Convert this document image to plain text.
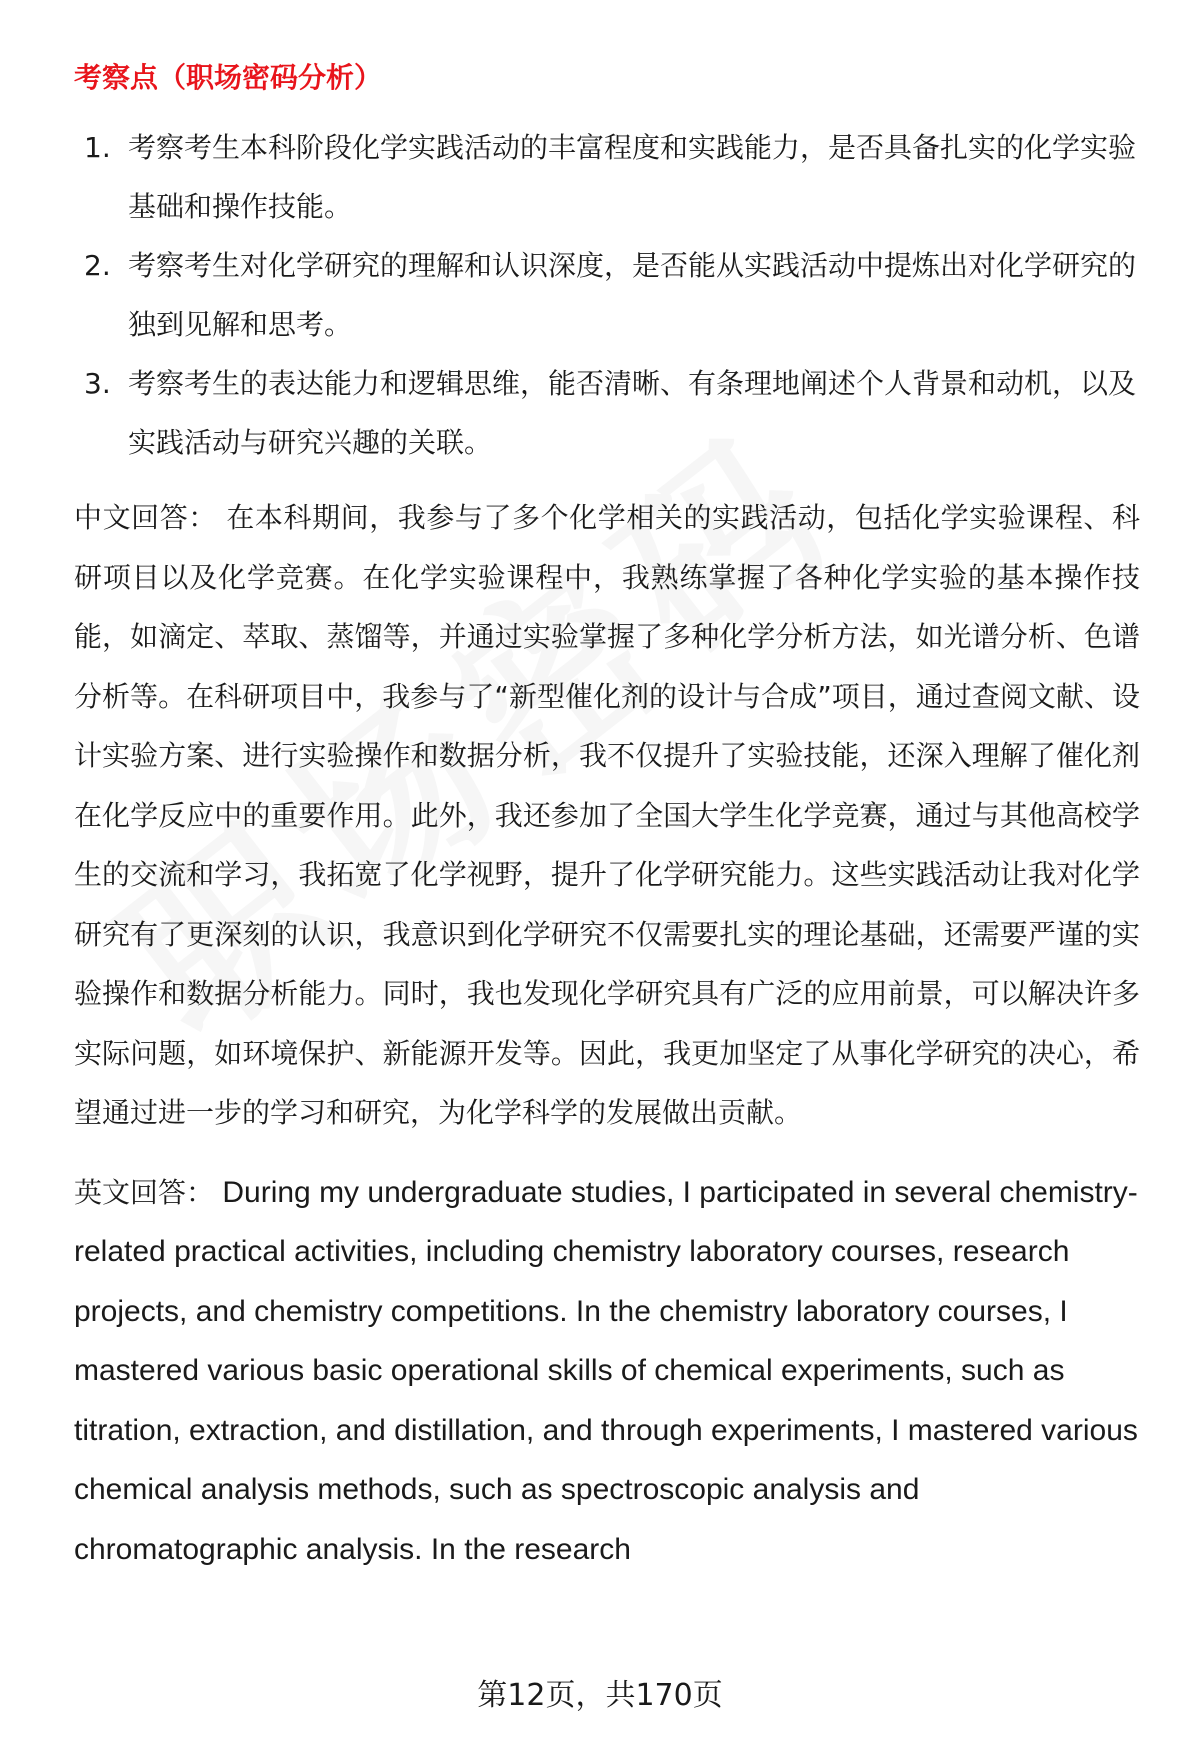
考察点（职场密码分析）
1. 考察考生本科阶段化学实践活动的丰富程度和实践能力，是否具备扎实的化学实验基础和操作技能。
2. 考察考生对化学研究的理解和认识深度，是否能从实践活动中提炼出对化学研究的独到见解和思考。
3. 考察考生的表达能力和逻辑思维，能否清晰、有条理地阐述个人背景和动机，以及实践活动与研究兴趣的关联。

中文回答： 在本科期间，我参与了多个化学相关的实践活动，包括化学实验课程、科研项目以及化学竞赛。在化学实验课程中，我熟练掌握了各种化学实验的基本操作技能，如滴定、萃取、蒸馏等，并通过实验掌握了多种化学分析方法，如光谱分析、色谱分析等。在科研项目中，我参与了“新型催化剂的设计与合成”项目，通过查阅文献、设计实验方案、进行实验操作和数据分析，我不仅提升了实验技能，还深入理解了催化剂在化学反应中的重要作用。此外，我还参加了全国大学生化学竞赛，通过与其他高校学生的交流和学习，我拓宽了化学视野，提升了化学研究能力。这些实践活动让我对化学研究有了更深刻的认识，我意识到化学研究不仅需要扎实的理论基础，还需要严谨的实验操作和数据分析能力。同时，我也发现化学研究具有广泛的应用前景，可以解决许多实际问题，如环境保护、新能源开发等。因此，我更加坚定了从事化学研究的决心，希望通过进一步的学习和研究，为化学科学的发展做出贡献。

英文回答： During my undergraduate studies, I participated in several chemistry-related practical activities, including chemistry laboratory courses, research projects, and chemistry competitions. In the chemistry laboratory courses, I mastered various basic operational skills of chemical experiments, such as titration, extraction, and distillation, and through experiments, I mastered various chemical analysis methods, such as spectroscopic analysis and chromatographic analysis. In the research

第12页，共170页
